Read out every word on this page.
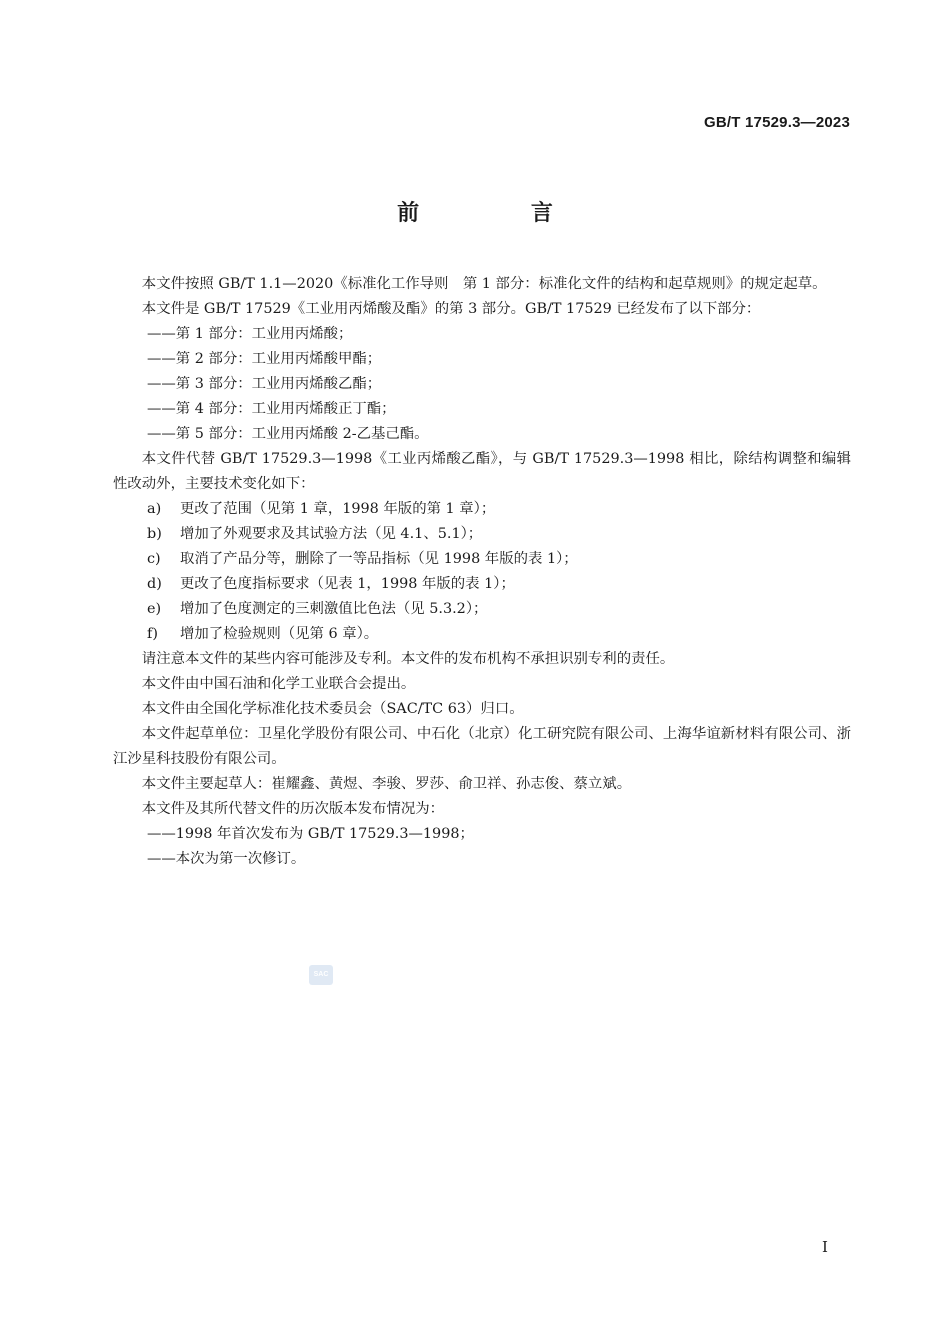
GB/T 17529.3—2023
前 言

本文件按照 GB/T 1.1—2020《标准化工作导则　第 1 部分：标准化文件的结构和起草规则》的规定起草。

本文件是 GB/T 17529《工业用丙烯酸及酯》的第 3 部分。GB/T 17529 已经发布了以下部分：

——第 1 部分：工业用丙烯酸；

——第 2 部分：工业用丙烯酸甲酯；

——第 3 部分：工业用丙烯酸乙酯；

——第 4 部分：工业用丙烯酸正丁酯；

——第 5 部分：工业用丙烯酸 2-乙基己酯。

本文件代替 GB/T 17529.3—1998《工业丙烯酸乙酯》，与 GB/T 17529.3—1998 相比，除结构调整和编辑性改动外，主要技术变化如下：

a)	更改了范围（见第 1 章，1998 年版的第 1 章）；

b)	增加了外观要求及其试验方法（见 4.1、5.1）；

c)	取消了产品分等，删除了一等品指标（见 1998 年版的表 1）；

d)	更改了色度指标要求（见表 1，1998 年版的表 1）；

e)	增加了色度测定的三刺激值比色法（见 5.3.2）；

f)	增加了检验规则（见第 6 章）。

请注意本文件的某些内容可能涉及专利。本文件的发布机构不承担识别专利的责任。

本文件由中国石油和化学工业联合会提出。

本文件由全国化学标准化技术委员会（SAC/TC 63）归口。

本文件起草单位：卫星化学股份有限公司、中石化（北京）化工研究院有限公司、上海华谊新材料有限公司、浙江沙星科技股份有限公司。

本文件主要起草人：崔耀鑫、黄煜、李骏、罗莎、俞卫祥、孙志俊、蔡立斌。

本文件及其所代替文件的历次版本发布情况为：

——1998 年首次发布为 GB/T 17529.3—1998；

——本次为第一次修订。

SAC
I
